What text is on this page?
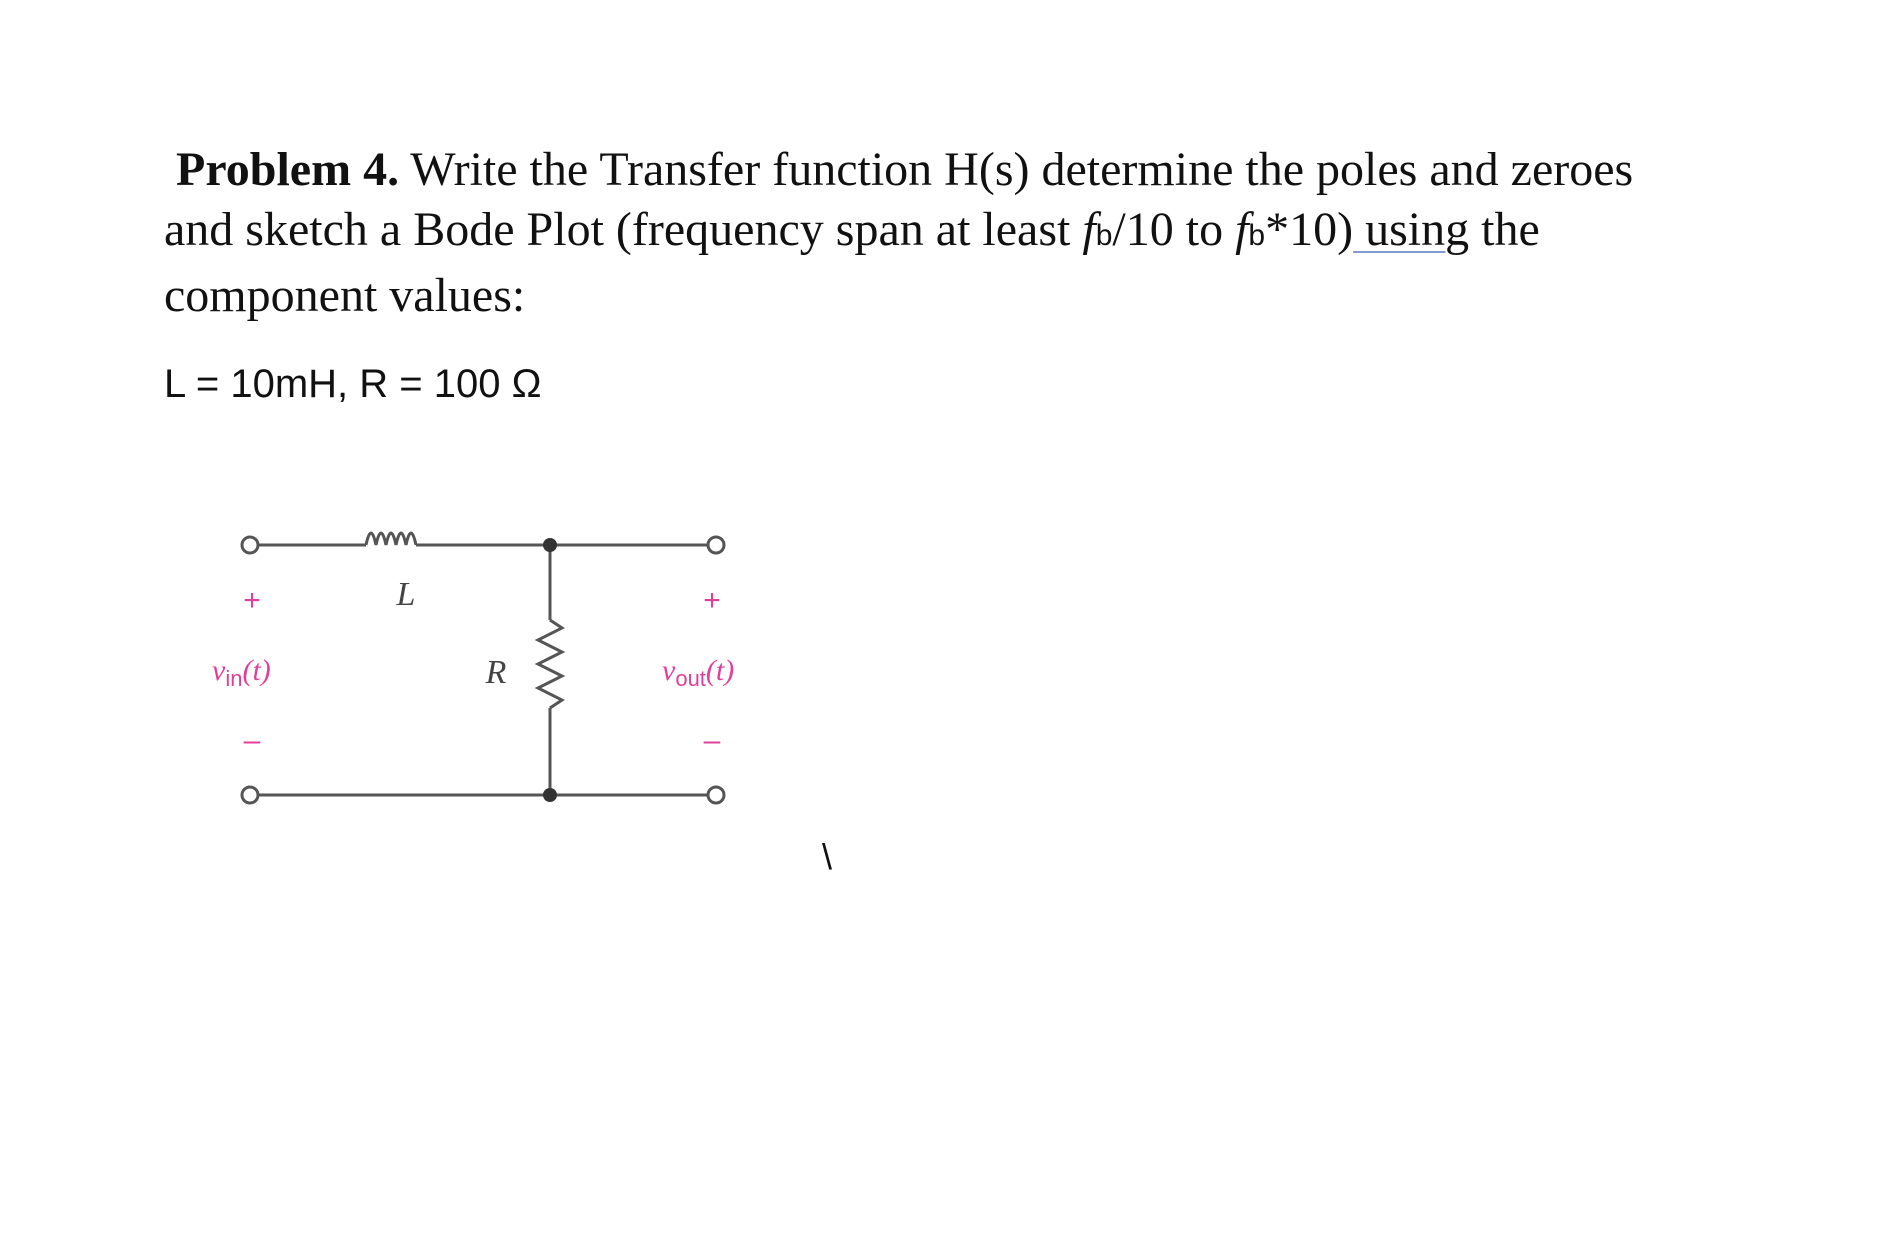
Problem 4. Write the Transfer function H(s) determine the poles and zeroes
and sketch a Bode Plot (frequency span at least fb/10 to fb*10) using the
component values:
L = 10mH, R = 100 Ω
L
R
+
–
+
–
$v_{in}(t)$	$v_{out}(t)$
\
